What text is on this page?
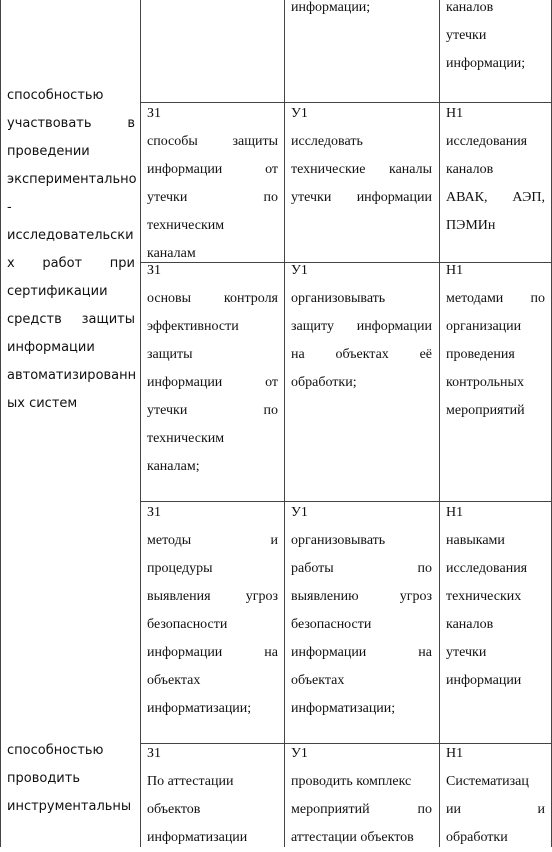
способностью
участвовать в
проведении
экспериментально
-
исследовательски
х работ при
сертификации
средств защиты
информации
автоматизированн
ых систем
способностью
проводить
инструментальны
информации;	каналов
утечки
информации;
З1
способы защиты
информации от
утечки по
техническим
каналам
У1
исследовать
технические каналы
утечки информации
Н1
исследования
каналов
АВАК, АЭП,
ПЭМИн
З1
основы контроля
эффективности
защиты
информации от
утечки по
техническим
каналам;
У1
организовывать
защиту информации
на объектах её
обработки;
Н1
методами по
организации
проведения
контрольных
мероприятий
З1
методы и
процедуры
выявления угроз
безопасности
информации на
объектах
информатизации;
У1
организовывать
работы по
выявлению угроз
безопасности
информации на
объектах
информатизации;
Н1
навыками
исследования
технических
каналов
утечки
информации
З1
По аттестации
объектов
информатизации
У1
проводить комплекс
мероприятий по
аттестации объектов
Н1
Систематизац
ии и
обработки
